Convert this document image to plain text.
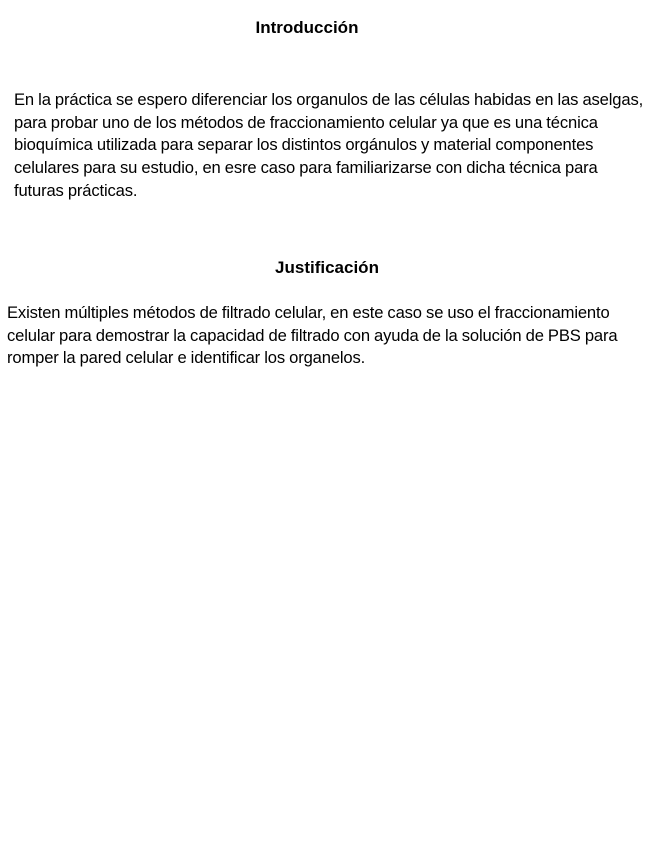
Introducción

En la práctica se espero diferenciar los organulos de las células habidas en las aselgas, para probar uno de los métodos de fraccionamiento celular ya que es una técnica bioquímica utilizada para separar los distintos orgánulos y material componentes celulares para su estudio, en esre caso para familiarizarse con dicha técnica para futuras prácticas.

Justificación

Existen múltiples métodos de filtrado celular, en este caso se uso el fraccionamiento celular para demostrar la capacidad de filtrado con ayuda de la solución de PBS para romper la pared celular e identificar los organelos.
